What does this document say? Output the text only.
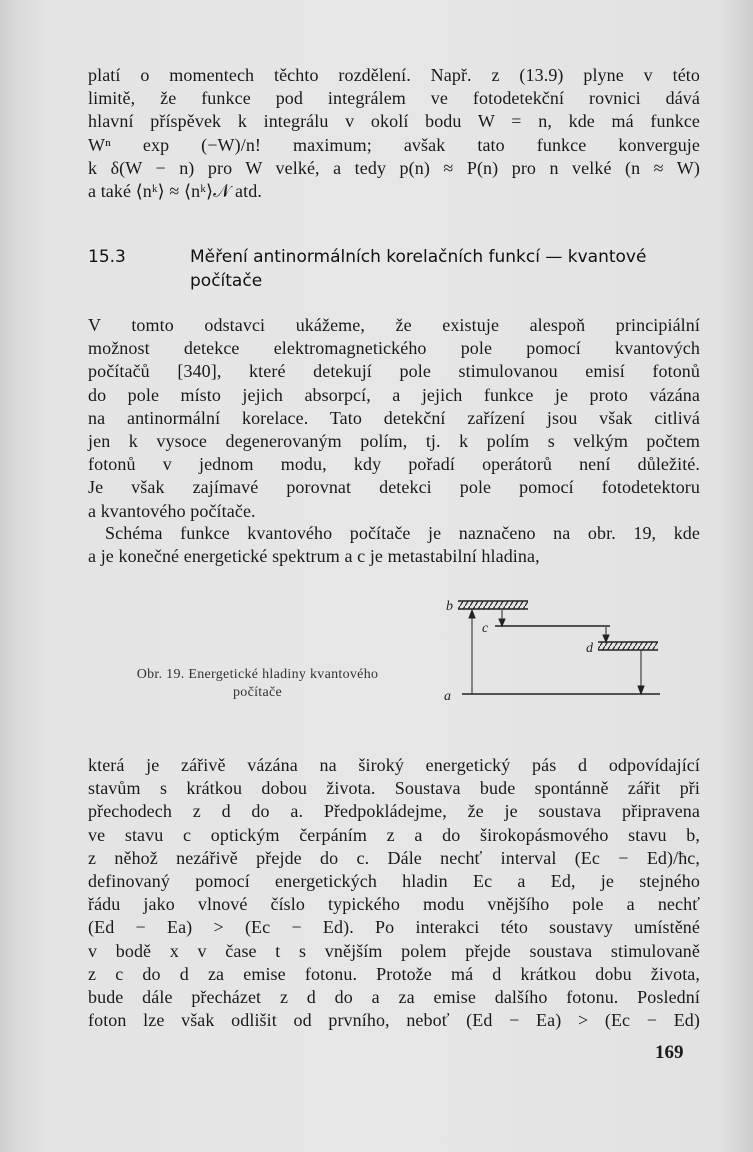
platí o momentech těchto rozdělení. Např. z (13.9) plyne v této
limitě, že funkce pod integrálem ve fotodetekční rovnici dává
hlavní příspěvek k integrálu v okolí bodu W = n, kde má funkce
Wⁿ exp (−W)/n! maximum; avšak tato funkce konverguje
k δ(W − n) pro W velké, a tedy p(n) ≈ P(n) pro n velké (n ≈ W)
a také ⟨nᵏ⟩ ≈ ⟨nᵏ⟩𝒩 atd.
V tomto odstavci ukážeme, že existuje alespoň principiální
možnost detekce elektromagnetického pole pomocí kvantových
počítačů [340], které detekují pole stimulovanou emisí fotonů
do pole místo jejich absorpcí, a jejich funkce je proto vázána
na antinormální korelace. Tato detekční zařízení jsou však citlivá
jen k vysoce degenerovaným polím, tj. k polím s velkým počtem
fotonů v jednom modu, kdy pořadí operátorů není důležité.
Je však zajímavé porovnat detekci pole pomocí fotodetektoru
a kvantového počítače.
Schéma funkce kvantového počítače je naznačeno na obr. 19, kde
a je konečné energetické spektrum a c je metastabilní hladina,
která je zářivě vázána na široký energetický pás d odpovídající
stavům s krátkou dobou života. Soustava bude spontánně zářit při
přechodech z d do a. Předpokládejme, že je soustava připravena
ve stavu c optickým čerpáním z a do širokopásmového stavu b,
z něhož nezářivě přejde do c. Dále nechť interval (Ec − Ed)/ħc,
definovaný pomocí energetických hladin Ec a Ed, je stejného
řádu jako vlnové číslo typického modu vnějšího pole a nechť
(Ed − Ea) > (Ec − Ed). Po interakci této soustavy umístěné
v bodě x v čase t s vnějším polem přejde soustava stimulovaně
z c do d za emise fotonu. Protože má d krátkou dobu života,
bude dále přecházet z d do a za emise dalšího fotonu. Poslední
foton lze však odlišit od prvního, neboť (Ed − Ea) > (Ec − Ed)
15.3	Měření antinormálních korelačních funkcí — kvantové
počítače
Obr. 19. Energetické hladiny kvantového
počítače
b
c
d
a
169
